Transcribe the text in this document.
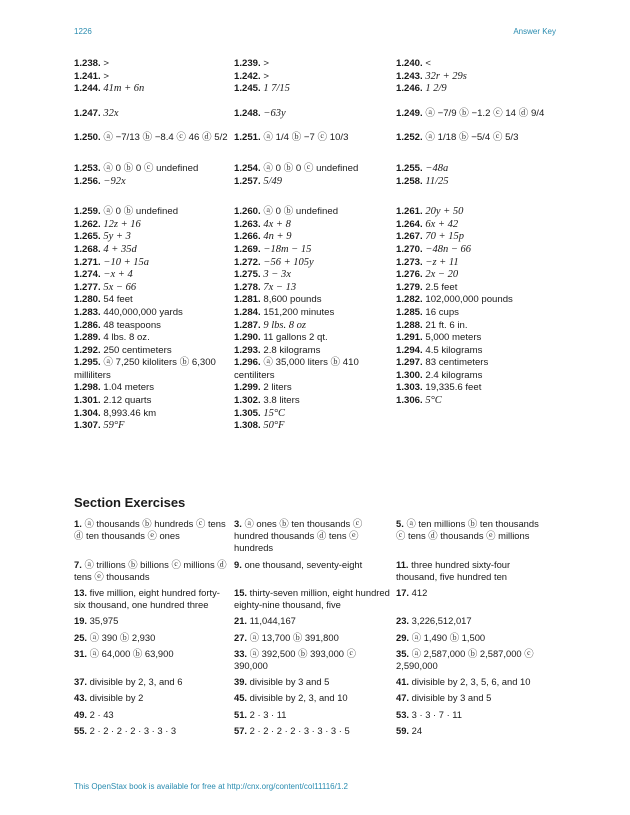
1226	Answer Key
1.238. >
1.241. >
1.244. 41m + 6n
1.247. 32x
1.250. ⓐ −7/13 ⓑ −8.4 ⓒ 46 ⓓ 5/2
1.253. ⓐ 0 ⓑ 0 ⓒ undefined
1.256. −92x
1.259. ⓐ 0 ⓑ undefined
1.262. 12z + 16
1.265. 5y + 3
1.268. 4 + 35d
1.271. −10 + 15a
1.274. −x + 4
1.277. 5x − 66
1.280. 54 feet
1.283. 440,000,000 yards
1.286. 48 teaspoons
1.289. 4 lbs. 8 oz.
1.292. 250 centimeters
1.295. ⓐ 7,250 kiloliters ⓑ 6,300 milliliters
1.298. 1.04 meters
1.301. 2.12 quarts
1.304. 8,993.46 km
1.307. 59°F
1.239. >
1.242. >
1.245. 1 7/15
1.248. −63y
1.251. ⓐ 1/4 ⓑ −7 ⓒ 10/3
1.254. ⓐ 0 ⓑ 0 ⓒ undefined
1.257. 5/49
1.260. ⓐ 0 ⓑ undefined
1.263. 4x + 8
1.266. 4n + 9
1.269. −18m − 15
1.272. −56 + 105y
1.275. 3 − 3x
1.278. 7x − 13
1.281. 8,600 pounds
1.284. 151,200 minutes
1.287. 9 lbs. 8 oz
1.290. 11 gallons 2 qt.
1.293. 2.8 kilograms
1.296. ⓐ 35,000 liters ⓑ 410 centiliters
1.299. 2 liters
1.302. 3.8 liters
1.305. 15°C
1.308. 50°F
1.240. <
1.243. 32r + 29s
1.246. 1 2/9
1.249. ⓐ −7/9 ⓑ −1.2 ⓒ 14 ⓓ 9/4
1.252. ⓐ 1/18 ⓑ −5/4 ⓒ 5/3
1.255. −48a
1.258. 11/25
1.261. 20y + 50
1.264. 6x + 42
1.267. 70 + 15p
1.270. −48n − 66
1.273. −z + 11
1.276. 2x − 20
1.279. 2.5 feet
1.282. 102,000,000 pounds
1.285. 16 cups
1.288. 21 ft. 6 in.
1.291. 5,000 meters
1.294. 4.5 kilograms
1.297. 83 centimeters
1.300. 2.4 kilograms
1.303. 19,335.6 feet
1.306. 5°C
Section Exercises
1. ⓐ thousands ⓑ hundreds ⓒ tens ⓓ ten thousands ⓔ ones
3. ⓐ ones ⓑ ten thousands ⓒ hundred thousands ⓓ tens ⓔ hundreds
5. ⓐ ten millions ⓑ ten thousands ⓒ tens ⓓ thousands ⓔ millions
7. ⓐ trillions ⓑ billions ⓒ millions ⓓ tens ⓔ thousands
9. one thousand, seventy-eight	11. three hundred sixty-four thousand, five hundred ten
13. five million, eight hundred forty-six thousand, one hundred three
15. thirty-seven million, eight hundred eighty-nine thousand, five
17. 412
19. 35,975	21. 11,044,167	23. 3,226,512,017
25. ⓐ 390 ⓑ 2,930	27. ⓐ 13,700 ⓑ 391,800	29. ⓐ 1,490 ⓑ 1,500
31. ⓐ 64,000 ⓑ 63,900	33. ⓐ 392,500 ⓑ 393,000 ⓒ 390,000
35. ⓐ 2,587,000 ⓑ 2,587,000 ⓒ 2,590,000
37. divisible by 2, 3, and 6	39. divisible by 3 and 5	41. divisible by 2, 3, 5, 6, and 10
43. divisible by 2	45. divisible by 2, 3, and 10	47. divisible by 3 and 5
49. 2 · 43	51. 2 · 3 · 11	53. 3 · 3 · 7 · 11
55. 2 · 2 · 2 · 2 · 3 · 3 · 3	57. 2 · 2 · 2 · 2 · 3 · 3 · 3 · 5	59. 24
This OpenStax book is available for free at http://cnx.org/content/col11116/1.2
